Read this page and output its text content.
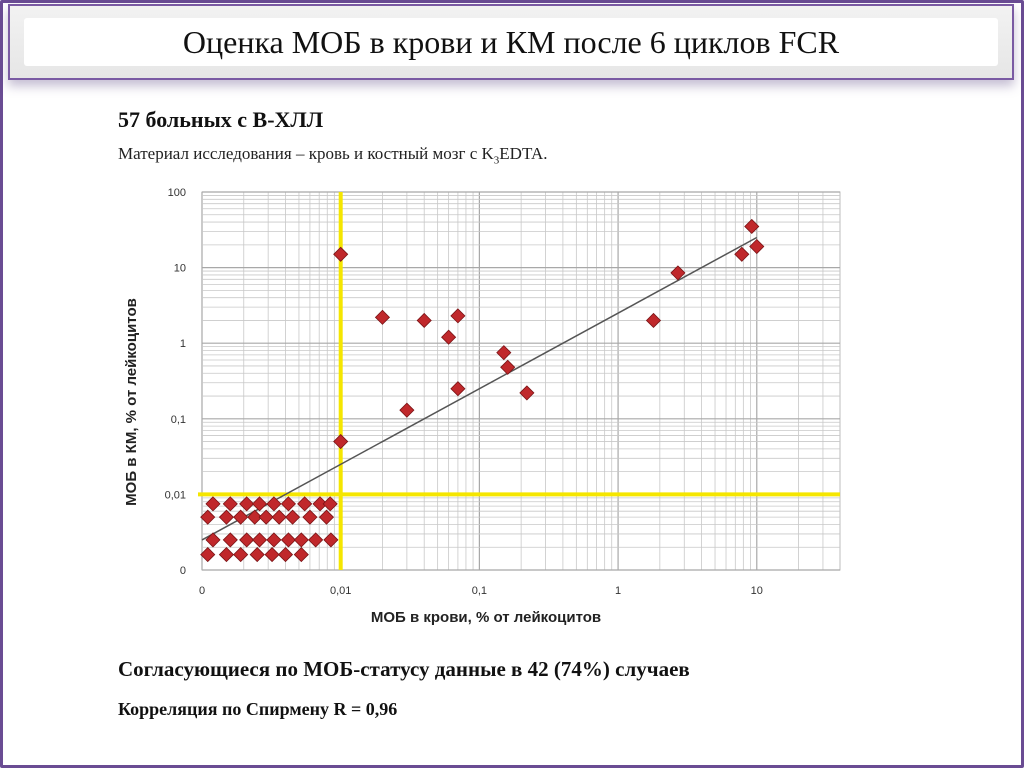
Оценка МОБ в крови и КМ после 6 циклов FCR
57 больных с В-ХЛЛ
Материал исследования – кровь и костный мозг с $K_3EDTA$.
0	0,01	0,1	1	10
0
0,01
0,1
1
10
100
МОБ в крови, % от лейкоцитов
МОБ в КМ, % от лейкоцитов
Согласующиеся по МОБ-статусу данные в 42 (74%) случаев
Корреляция по Спирмену R = 0,96
